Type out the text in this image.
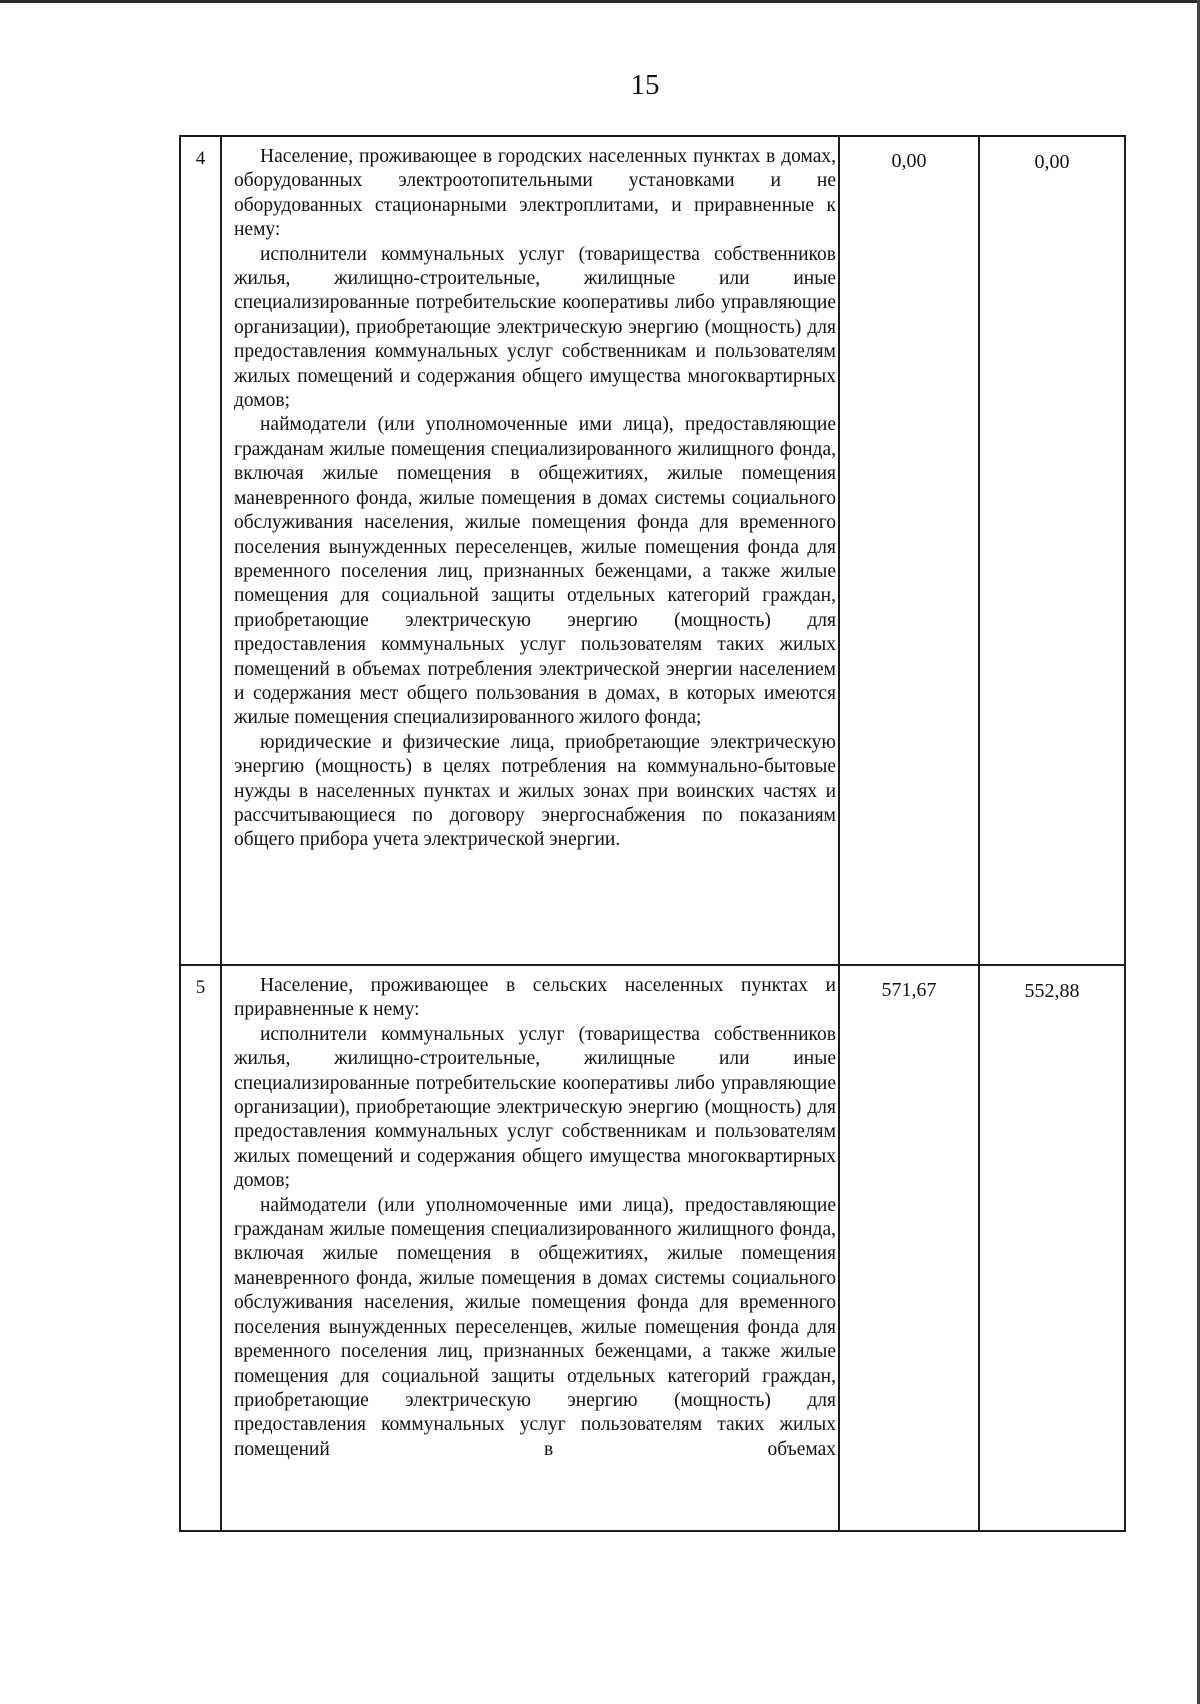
15
4	Население, проживающее в городских населенных пунктах в домах, оборудованных электроотопительными установками и не оборудованных стационарными электроплитами, и приравненные к нему:

исполнители коммунальных услуг (товарищества собственников жилья, жилищно-строительные, жилищные или иные специализированные потребительские кооперативы либо управляющие организации), приобретающие электрическую энергию (мощность) для предоставления коммунальных услуг собственникам и пользователям жилых помещений и содержания общего имущества многоквартирных домов;

наймодатели (или уполномоченные ими лица), предоставляющие гражданам жилые помещения специализированного жилищного фонда, включая жилые помещения в общежитиях, жилые помещения маневренного фонда, жилые помещения в домах системы социального обслуживания населения, жилые помещения фонда для временного поселения вынужденных переселенцев, жилые помещения фонда для временного поселения лиц, признанных беженцами, а также жилые помещения для социальной защиты отдельных категорий граждан, приобретающие электрическую энергию (мощность) для предоставления коммунальных услуг пользователям таких жилых помещений в объемах потребления электрической энергии населением и содержания мест общего пользования в домах, в которых имеются жилые помещения специализированного жилого фонда;

юридические и физические лица, приобретающие электрическую энергию (мощность) в целях потребления на коммунально-бытовые нужды в населенных пунктах и жилых зонах при воинских частях и рассчитывающиеся по договору энергоснабжения по показаниям общего прибора учета электрической энергии.	0,00	0,00
5	Население, проживающее в сельских населенных пунктах и приравненные к нему:

исполнители коммунальных услуг (товарищества собственников жилья, жилищно-строительные, жилищные или иные специализированные потребительские кооперативы либо управляющие организации), приобретающие электрическую энергию (мощность) для предоставления коммунальных услуг собственникам и пользователям жилых помещений и содержания общего имущества многоквартирных домов;

наймодатели (или уполномоченные ими лица), предоставляющие гражданам жилые помещения специализированного жилищного фонда, включая жилые помещения в общежитиях, жилые помещения маневренного фонда, жилые помещения в домах системы социального обслуживания населения, жилые помещения фонда для временного поселения вынужденных переселенцев, жилые помещения фонда для временного поселения лиц, признанных беженцами, а также жилые помещения для социальной защиты отдельных категорий граждан, приобретающие электрическую энергию (мощность) для предоставления коммунальных услуг пользователям таких жилых помещений в объемах	571,67	552,88
